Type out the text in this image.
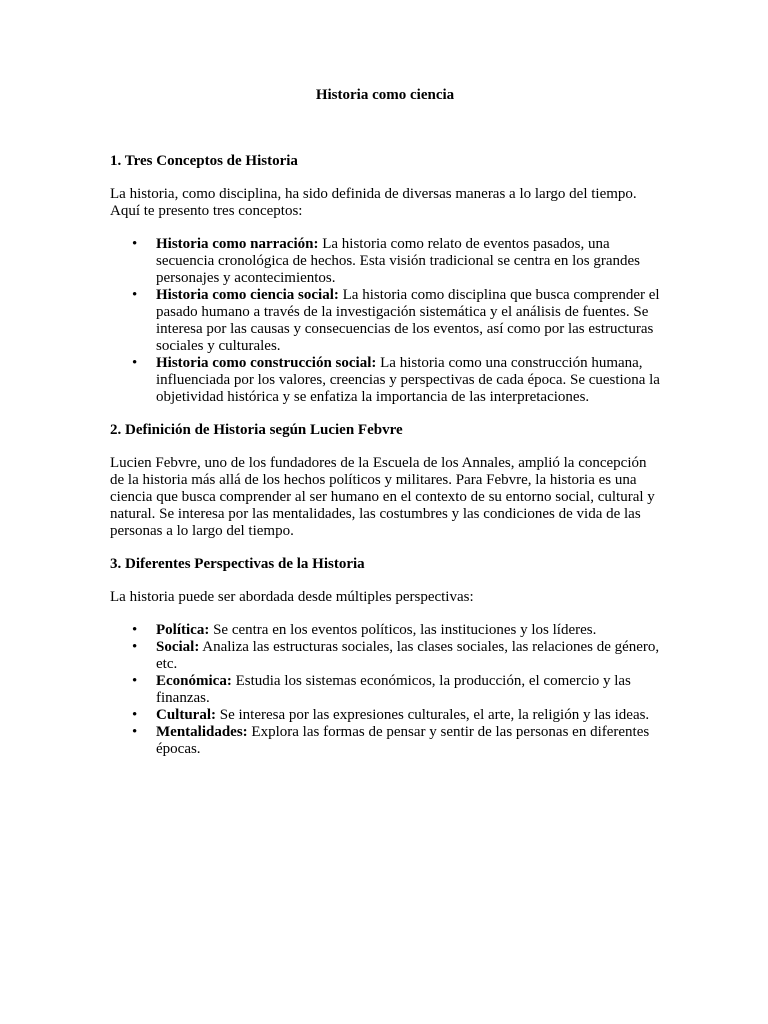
Historia como ciencia
1. Tres Conceptos de Historia

La historia, como disciplina, ha sido definida de diversas maneras a lo largo del tiempo. Aquí te presento tres conceptos:

• Historia como narración: La historia como relato de eventos pasados, una secuencia cronológica de hechos. Esta visión tradicional se centra en los grandes personajes y acontecimientos.
• Historia como ciencia social: La historia como disciplina que busca comprender el pasado humano a través de la investigación sistemática y el análisis de fuentes. Se interesa por las causas y consecuencias de los eventos, así como por las estructuras sociales y culturales.
• Historia como construcción social: La historia como una construcción humana, influenciada por los valores, creencias y perspectivas de cada época. Se cuestiona la objetividad histórica y se enfatiza la importancia de las interpretaciones.
2. Definición de Historia según Lucien Febvre

Lucien Febvre, uno de los fundadores de la Escuela de los Annales, amplió la concepción de la historia más allá de los hechos políticos y militares. Para Febvre, la historia es una ciencia que busca comprender al ser humano en el contexto de su entorno social, cultural y natural. Se interesa por las mentalidades, las costumbres y las condiciones de vida de las personas a lo largo del tiempo.

3. Diferentes Perspectivas de la Historia

La historia puede ser abordada desde múltiples perspectivas:

• Política: Se centra en los eventos políticos, las instituciones y los líderes.
• Social: Analiza las estructuras sociales, las clases sociales, las relaciones de género, etc.
• Económica: Estudia los sistemas económicos, la producción, el comercio y las finanzas.
• Cultural: Se interesa por las expresiones culturales, el arte, la religión y las ideas.
• Mentalidades: Explora las formas de pensar y sentir de las personas en diferentes épocas.
